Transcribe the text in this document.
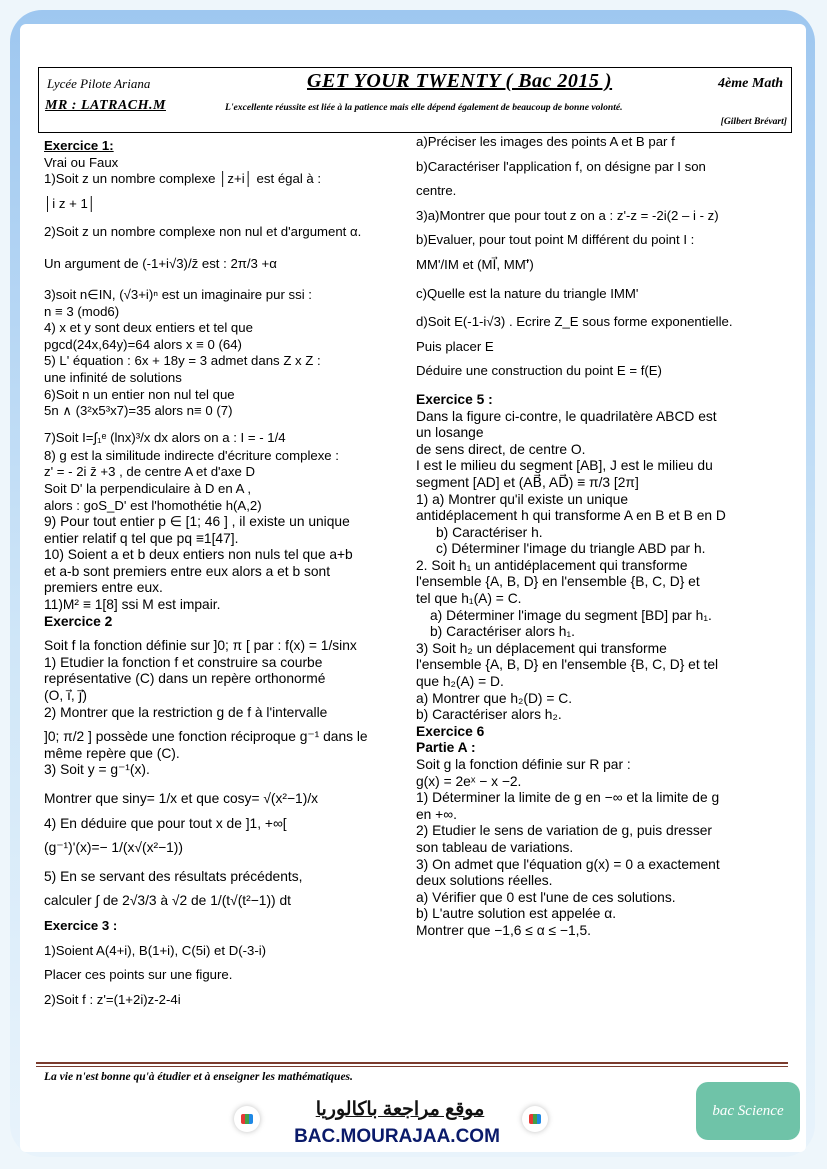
Lycée Pilote Ariana
MR : LATRACH.M
GET YOUR TWENTY ( Bac 2015 )	4ème Math
L'excellente réussite est liée à la patience mais elle dépend également de beaucoup de bonne volonté.
[Gilbert Brévart]

Exercice 1:

Vrai ou Faux

1)Soit z un nombre complexe │z+i│ est égal à :

│i z + 1│

2)Soit z un nombre complexe non nul et d'argument α.

Un argument de (-1+i√3)/z̄ est : 2π/3 +α

3)soit n∈IN, (√3+i)ⁿ est un imaginaire pur ssi :

n ≡ 3 (mod6)

4) x et y sont deux entiers et tel que

pgcd(24x,64y)=64 alors x ≡ 0 (64)

5) L' équation : 6x + 18y = 3 admet dans Z x Z :

une infinité de solutions

6)Soit n un entier non nul tel que

5n ∧ (3²x5³x7)=35 alors n≡ 0 (7)

7)Soit I=∫₁ᵉ (lnx)³/x dx alors on a : I = - 1/4

8) g est la similitude indirecte d'écriture complexe :

z' = - 2i z̄ +3 , de centre A et d'axe D

Soit D' la perpendiculaire à D en A ,

alors : goS_D' est l'homothétie h(A,2)

9) Pour tout entier p ∈ [1; 46 ] , il existe un unique

entier relatif q tel que pq ≡1[47].

10) Soient a et b deux entiers non nuls tel que a+b

et a-b sont premiers entre eux alors a et b sont

premiers entre eux.

11)M² ≡ 1[8] ssi M est impair.

Exercice 2

Soit f la fonction définie sur ]0; π [ par : f(x) = 1/sinx

1) Etudier la fonction f et construire sa courbe

représentative (C) dans un repère orthonormé

(O, i⃗, j⃗)

2) Montrer que la restriction g de f à l'intervalle

]0; π/2 ] possède une fonction réciproque g⁻¹ dans le

même repère que (C).

3) Soit y = g⁻¹(x).

Montrer que siny= 1/x et que cosy= √(x²−1)/x

4) En déduire que pour tout x de ]1, +∞[

(g⁻¹)'(x)=− 1/(x√(x²−1))

5) En se servant des résultats précédents,

calculer ∫ de 2√3/3 à √2 de 1/(t√(t²−1)) dt

Exercice 3 :

1)Soient A(4+i), B(1+i), C(5i) et D(-3-i)

Placer ces points sur une figure.

2)Soit f : z'=(1+2i)z-2-4i

a)Préciser les images des points A et B par f

b)Caractériser l'application f, on désigne par I son

centre.

3)a)Montrer que pour tout z on a : z'-z = -2i(2 – i - z)

b)Evaluer, pour tout point M différent du point I :

MM'/IM et (MI⃗, MM'⃗)

c)Quelle est la nature du triangle IMM'

d)Soit E(-1-i√3) . Ecrire Z_E sous forme exponentielle.

Puis placer E

Déduire une construction du point E = f(E)

Exercice 5 :

Dans la figure ci-contre, le quadrilatère ABCD est

un losange

de sens direct, de centre O.

I est le milieu du segment [AB], J est le milieu du

segment [AD] et (AB⃗, AD⃗) ≡ π/3 [2π]

1) a) Montrer qu'il existe un unique

antidéplacement h qui transforme A en B et B en D

b) Caractériser h.

c) Déterminer l'image du triangle ABD par h.

2. Soit h₁ un antidéplacement qui transforme

l'ensemble {A, B, D} en l'ensemble {B, C, D} et

tel que h₁(A) = C.

a) Déterminer l'image du segment [BD] par h₁.

b) Caractériser alors h₁.

3) Soit h₂ un déplacement qui transforme

l'ensemble {A, B, D} en l'ensemble {B, C, D} et tel

que h₂(A) = D.

a) Montrer que h₂(D) = C.

b) Caractériser alors h₂.

Exercice 6

Partie A :

Soit g la fonction définie sur R par :

g(x) = 2eˣ − x −2.

1) Déterminer la limite de g en −∞ et la limite de g

en +∞.

2) Etudier le sens de variation de g, puis dresser

son tableau de variations.

3) On admet que l'équation g(x) = 0 a exactement

deux solutions réelles.

a) Vérifier que 0 est l'une de ces solutions.

b) L'autre solution est appelée α.

Montrer que −1,6 ≤ α ≤ −1,5.

La vie n'est bonne qu'à étudier et à enseigner les mathématiques.
موقع مراجعة باكالوريا
BAC.MOURAJAA.COM
bac Science
